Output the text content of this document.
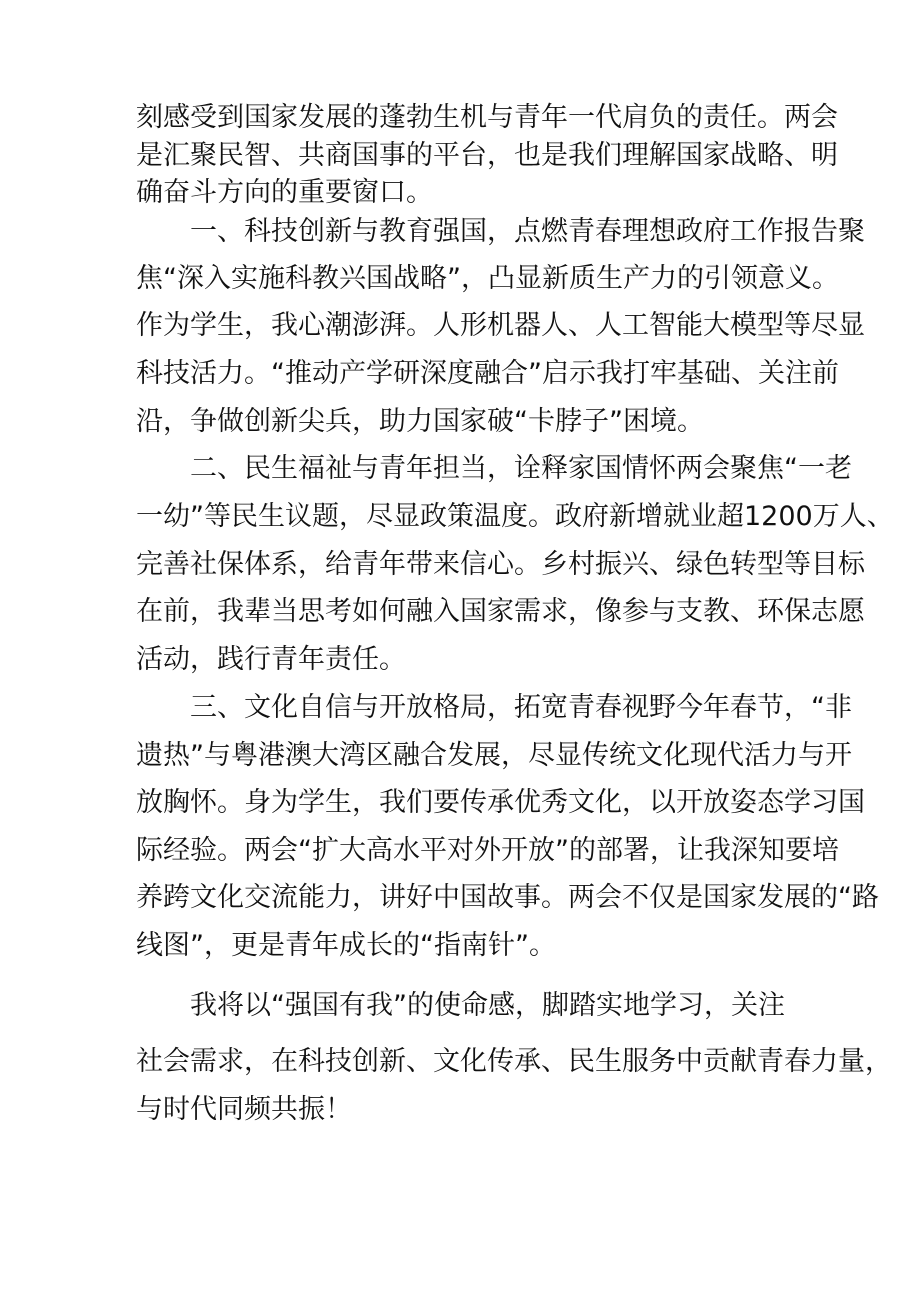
刻感受到国家发展的蓬勃生机与青年一代肩负的责任。两会
是汇聚民智、共商国事的平台，也是我们理解国家战略、明
确奋斗方向的重要窗口。
一、科技创新与教育强国，点燃青春理想政府工作报告聚
焦“深入实施科教兴国战略”，凸显新质生产力的引领意义。
作为学生，我心潮澎湃。人形机器人、人工智能大模型等尽显
科技活力。“推动产学研深度融合”启示我打牢基础、关注前
沿，争做创新尖兵，助力国家破“卡脖子”困境。
二、民生福祉与青年担当，诠释家国情怀两会聚焦“一老
一幼”等民生议题，尽显政策温度。政府新增就业超1200万人、
完善社保体系，给青年带来信心。乡村振兴、绿色转型等目标
在前，我辈当思考如何融入国家需求，像参与支教、环保志愿
活动，践行青年责任。
三、文化自信与开放格局，拓宽青春视野今年春节，“非
遗热”与粤港澳大湾区融合发展，尽显传统文化现代活力与开
放胸怀。身为学生，我们要传承优秀文化，以开放姿态学习国
际经验。两会“扩大高水平对外开放”的部署，让我深知要培
养跨文化交流能力，讲好中国故事。两会不仅是国家发展的“路
线图”，更是青年成长的“指南针”。
我将以“强国有我”的使命感，脚踏实地学习，关注
社会需求，在科技创新、文化传承、民生服务中贡献青春力量，
与时代同频共振！
